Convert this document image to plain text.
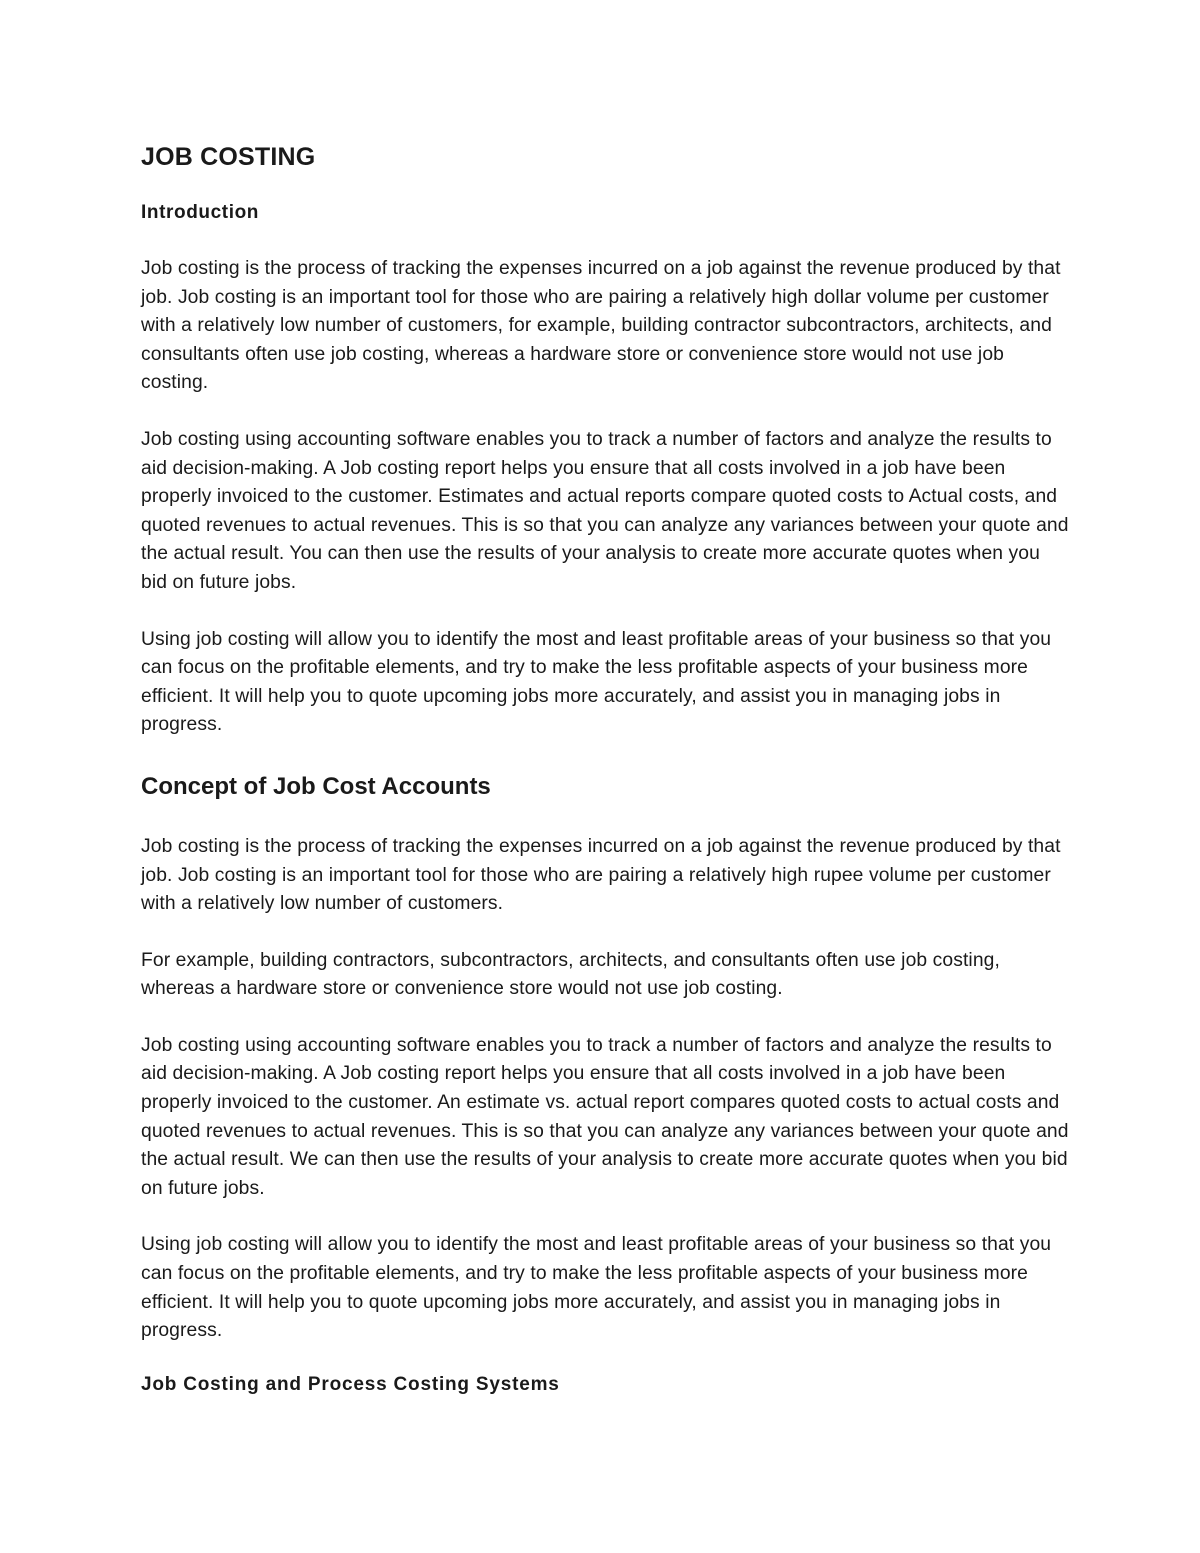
JOB COSTING
Introduction

Job costing is the process of tracking the expenses incurred on a job against the revenue produced by that job. Job costing is an important tool for those who are pairing a relatively high dollar volume per customer with a relatively low number of customers, for example, building contractor subcontractors, architects, and consultants often use job costing, whereas a hardware store or convenience store would not use job costing.

Job costing using accounting software enables you to track a number of factors and analyze the results to aid decision-making. A Job costing report helps you ensure that all costs involved in a job have been properly invoiced to the customer. Estimates and actual reports compare quoted costs to Actual costs, and quoted revenues to actual revenues. This is so that you can analyze any variances between your quote and the actual result. You can then use the results of your analysis to create more accurate quotes when you bid on future jobs.

Using job costing will allow you to identify the most and least profitable areas of your business so that you can focus on the profitable elements, and try to make the less profitable aspects of your business more efficient. It will help you to quote upcoming jobs more accurately, and assist you in managing jobs in progress.

Concept of Job Cost Accounts

Job costing is the process of tracking the expenses incurred on a job against the revenue produced by that job. Job costing is an important tool for those who are pairing a relatively high rupee volume per customer with a relatively low number of customers.

For example, building contractors, subcontractors, architects, and consultants often use job costing, whereas a hardware store or convenience store would not use job costing.

Job costing using accounting software enables you to track a number of factors and analyze the results to aid decision-making. A Job costing report helps you ensure that all costs involved in a job have been properly invoiced to the customer. An estimate vs. actual report compares quoted costs to actual costs and quoted revenues to actual revenues. This is so that you can analyze any variances between your quote and the actual result. We can then use the results of your analysis to create more accurate quotes when you bid on future jobs.

Using job costing will allow you to identify the most and least profitable areas of your business so that you can focus on the profitable elements, and try to make the less profitable aspects of your business more efficient. It will help you to quote upcoming jobs more accurately, and assist you in managing jobs in progress.

Job Costing and Process Costing Systems
